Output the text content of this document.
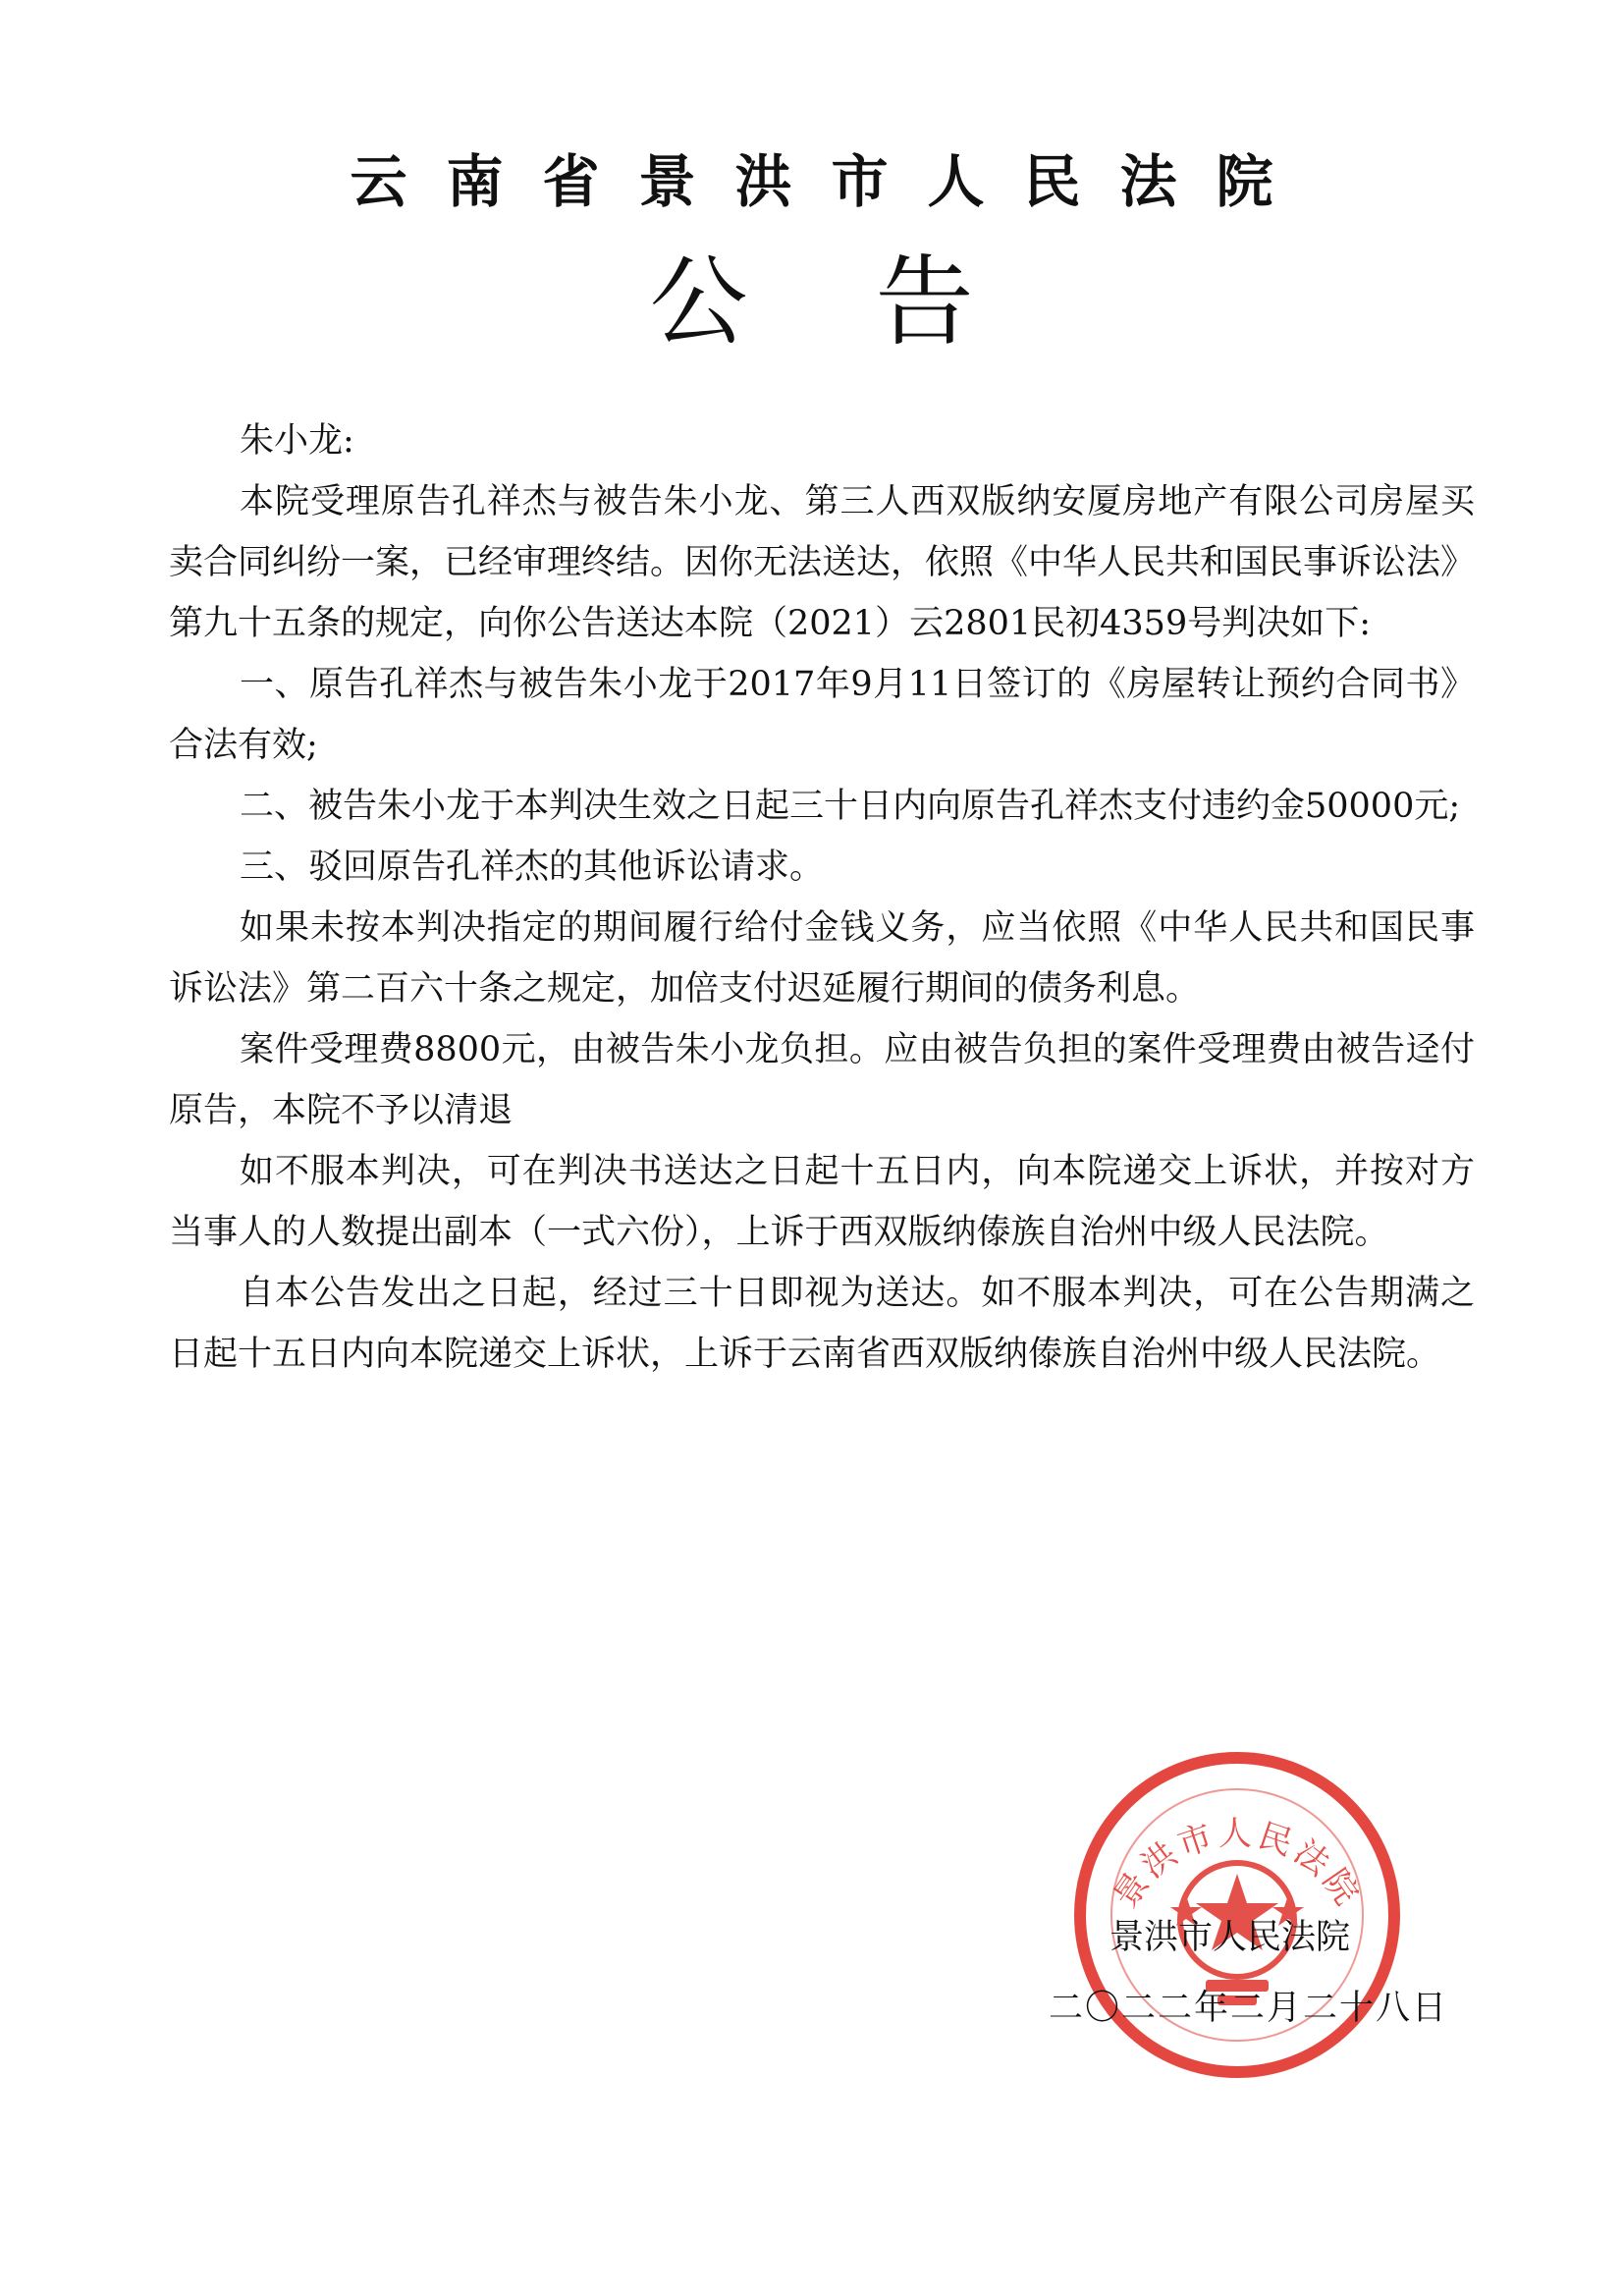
云南省景洪市人民法院
公告

朱小龙:

本院受理原告孔祥杰与被告朱小龙、第三人西双版纳安厦房地产有限公司房屋买卖合同纠纷一案，已经审理终结。因你无法送达，依照《中华人民共和国民事诉讼法》第九十五条的规定，向你公告送达本院（2021）云2801民初4359号判决如下:

一、原告孔祥杰与被告朱小龙于2017年9月11日签订的《房屋转让预约合同书》合法有效;

二、被告朱小龙于本判决生效之日起三十日内向原告孔祥杰支付违约金50000元;

三、驳回原告孔祥杰的其他诉讼请求。

如果未按本判决指定的期间履行给付金钱义务，应当依照《中华人民共和国民事诉讼法》第二百六十条之规定，加倍支付迟延履行期间的债务利息。

案件受理费8800元，由被告朱小龙负担。应由被告负担的案件受理费由被告迳付原告，本院不予以清退

如不服本判决，可在判决书送达之日起十五日内，向本院递交上诉状，并按对方当事人的人数提出副本（一式六份），上诉于西双版纳傣族自治州中级人民法院。

自本公告发出之日起，经过三十日即视为送达。如不服本判决，可在公告期满之日起十五日内向本院递交上诉状，上诉于云南省西双版纳傣族自治州中级人民法院。

景洪市人民法院
景洪市人民法院
二〇二二年二月二十八日
